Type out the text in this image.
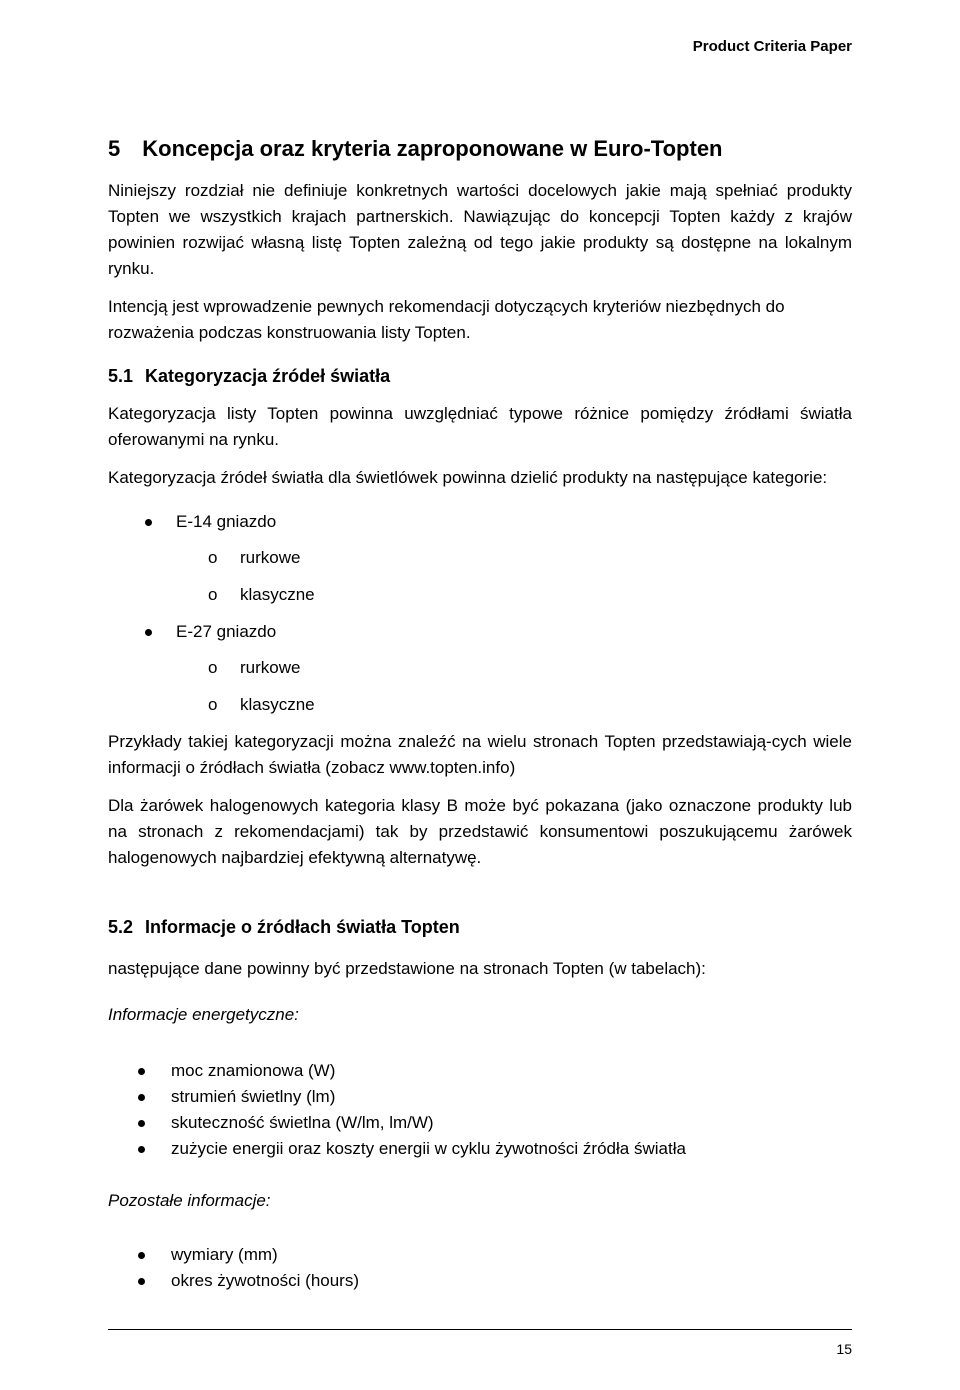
Product Criteria Paper
5 Koncepcja oraz kryteria zaproponowane w Euro-Topten

Niniejszy rozdział nie definiuje konkretnych wartości docelowych jakie mają spełniać produkty Topten we wszystkich krajach partnerskich. Nawiązując do koncepcji Topten każdy z krajów powinien rozwijać własną listę Topten zależną od tego jakie produkty są dostępne na lokalnym rynku.

Intencją jest wprowadzenie pewnych rekomendacji dotyczących kryteriów niezbędnych do rozważenia podczas konstruowania listy Topten.

5.1 Kategoryzacja źródeł światła

Kategoryzacja listy Topten powinna uwzględniać typowe różnice pomiędzy źródłami światła oferowanymi na rynku.

Kategoryzacja źródeł światła dla świetlówek powinna dzielić produkty na następujące kategorie:

E-14 gniazdo
o rurkowe
o klasyczne
E-27 gniazdo
o rurkowe
o klasyczne

Przykłady takiej kategoryzacji można znaleźć na wielu stronach Topten przedstawiają-cych wiele informacji o źródłach światła (zobacz www.topten.info)

Dla żarówek halogenowych kategoria klasy B może być pokazana (jako oznaczone produkty lub na stronach z rekomendacjami) tak by przedstawić konsumentowi poszukującemu żarówek halogenowych najbardziej efektywną alternatywę.

5.2 Informacje o źródłach światła Topten

następujące dane powinny być przedstawione na stronach Topten (w tabelach):

Informacje energetyczne:

moc znamionowa (W)
strumień świetlny (lm)
skuteczność świetlna (W/lm, lm/W)
zużycie energii oraz koszty energii w cyklu żywotności źródła światła

Pozostałe informacje:

wymiary (mm)
okres żywotności (hours)
15
